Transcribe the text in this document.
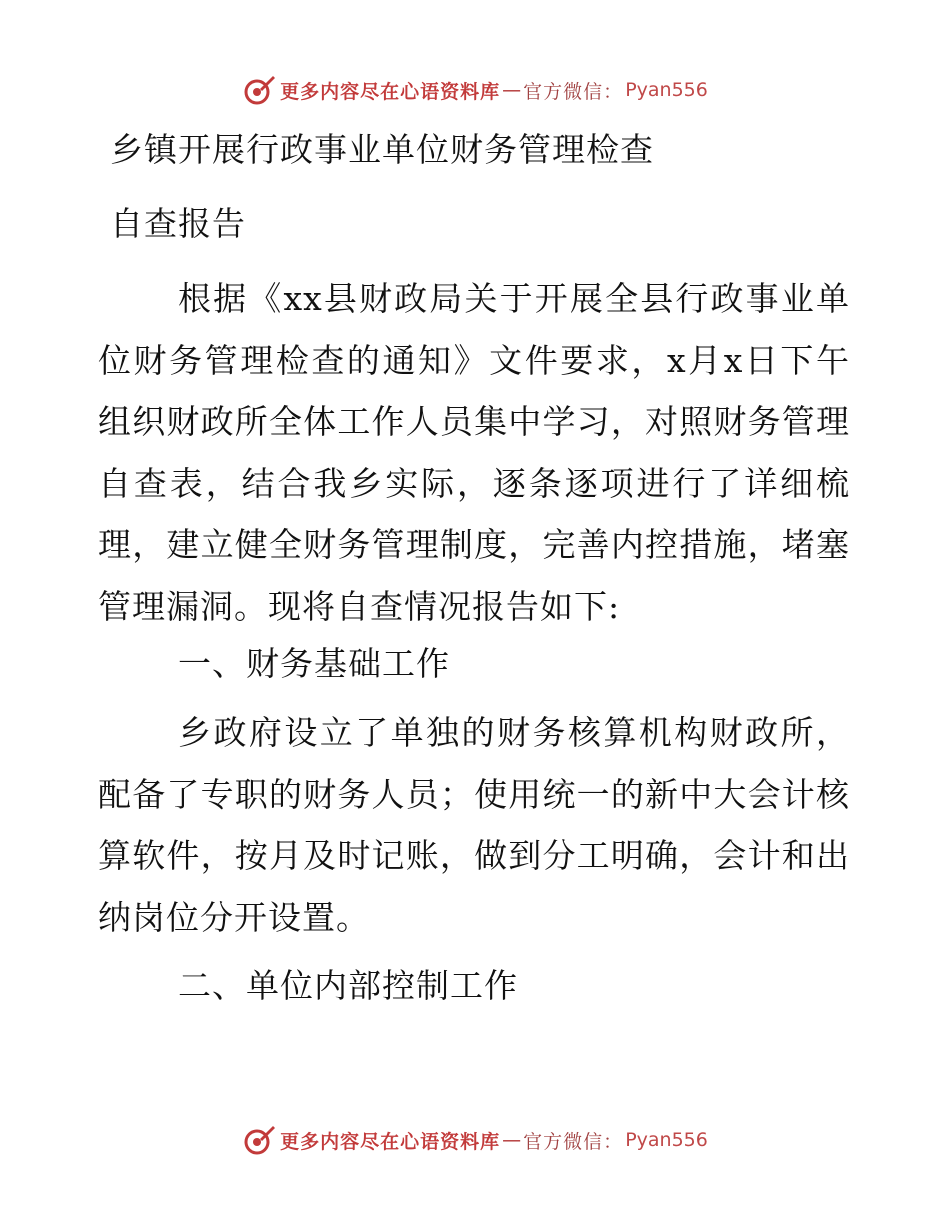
更多内容尽在心语资料库 — 官方微信： Pyan556
乡镇开展行政事业单位财务管理检查
自查报告

根据《xx县财政局关于开展全县行政事业单位财务管理检查的通知》文件要求，x月x日下午组织财政所全体工作人员集中学习，对照财务管理自查表，结合我乡实际，逐条逐项进行了详细梳理，建立健全财务管理制度，完善内控措施，堵塞管理漏洞。现将自查情况报告如下:

一、财务基础工作

乡政府设立了单独的财务核算机构财政所，配备了专职的财务人员；使用统一的新中大会计核算软件，按月及时记账，做到分工明确，会计和出纳岗位分开设置。

二、单位内部控制工作

更多内容尽在心语资料库 — 官方微信： Pyan556
